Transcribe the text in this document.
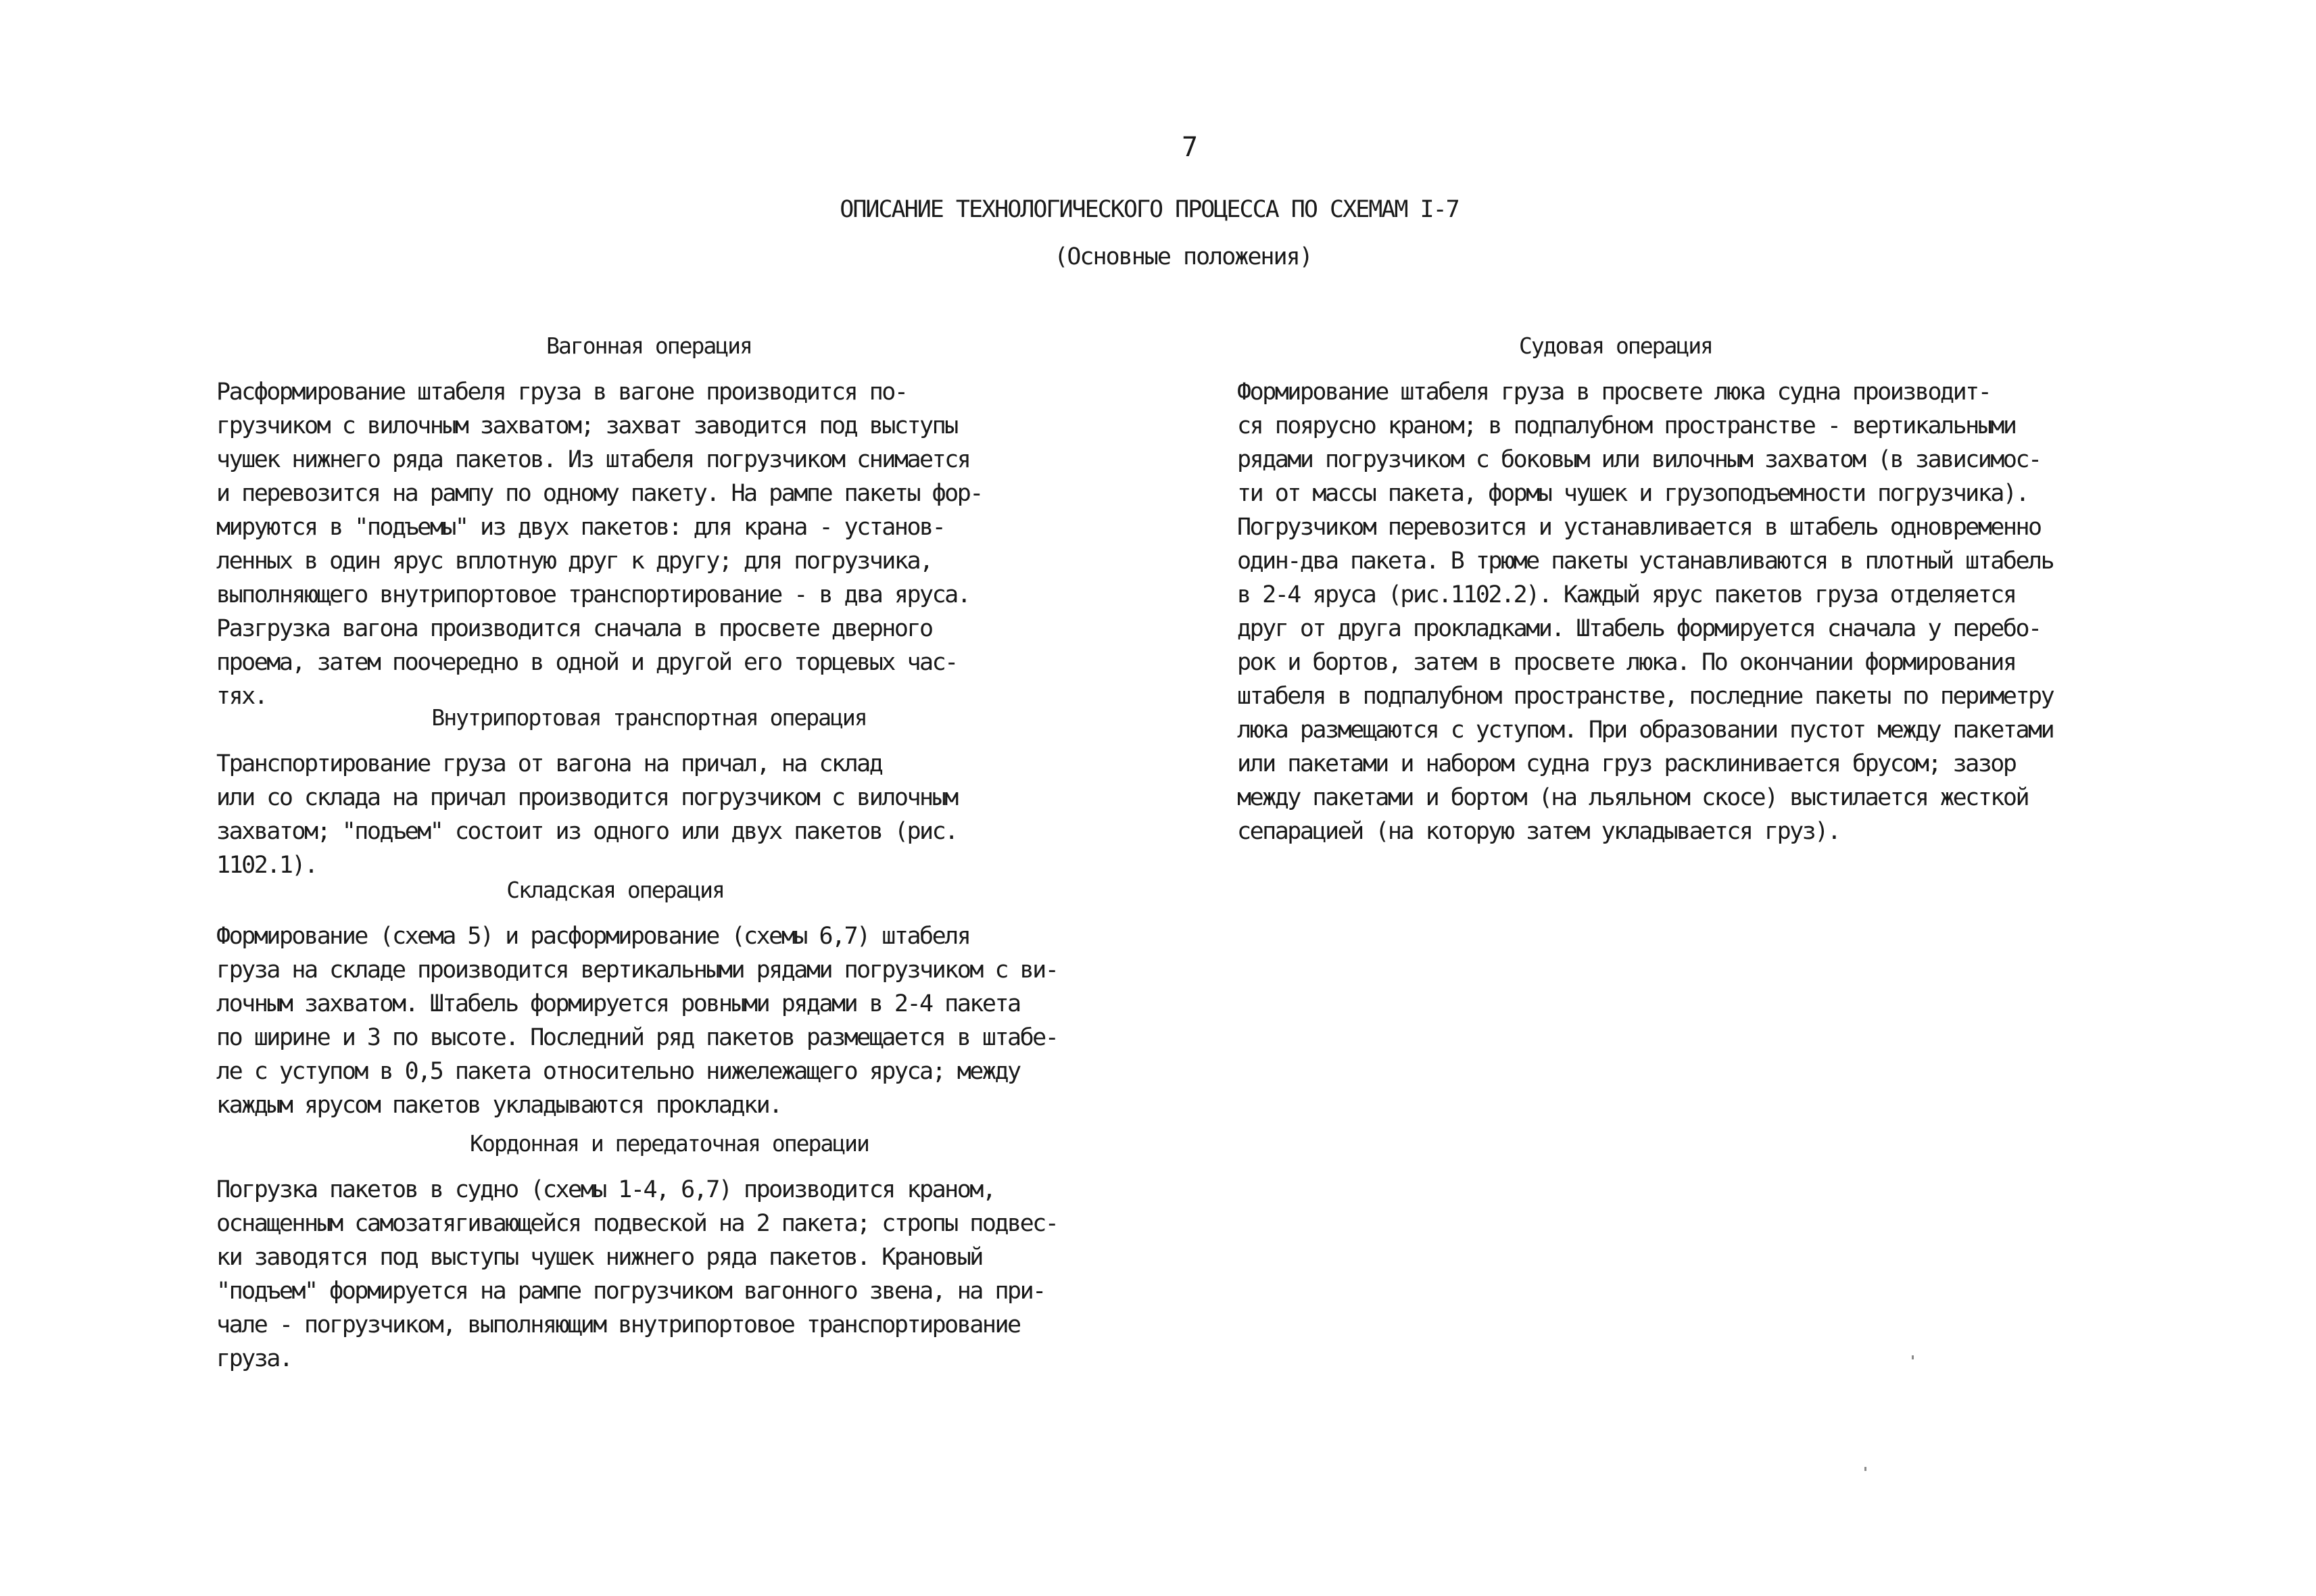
7
ОПИСАНИЕ ТЕХНОЛОГИЧЕСКОГО ПРОЦЕССА ПО СХЕМАМ I-7
(Основные положения)
Вагонная операция
Расформирование штабеля груза в вагоне производится по-
грузчиком с вилочным захватом; захват заводится под выступы
чушек нижнего ряда пакетов. Из штабеля погрузчиком снимается
и перевозится на рампу по одному пакету. На рампе пакеты фор-
мируются в "подъемы" из двух пакетов: для крана - установ-
ленных в один ярус вплотную друг к другу; для погрузчика,
выполняющего внутрипортовое транспортирование - в два яруса.
Разгрузка вагона производится сначала в просвете дверного
проема, затем поочередно в одной и другой его торцевых час-
тях.
Внутрипортовая транспортная операция
Транспортирование груза от вагона на причал, на склад
или со склада на причал производится погрузчиком с вилочным
захватом; "подъем" состоит из одного или двух пакетов (рис.
1102.1).
Складская операция
Формирование (схема 5) и расформирование (схемы 6,7) штабеля
груза на складе производится вертикальными рядами погрузчиком с ви-
лочным захватом. Штабель формируется ровными рядами в 2-4 пакета
по ширине и 3 по высоте. Последний ряд пакетов размещается в штабе-
ле с уступом в 0,5 пакета относительно нижележащего яруса; между
каждым ярусом пакетов укладываются прокладки.
Кордонная и передаточная операции
Погрузка пакетов в судно (схемы 1-4, 6,7) производится краном,
оснащенным самозатягивающейся подвеской на 2 пакета; стропы подвес-
ки заводятся под выступы чушек нижнего ряда пакетов. Крановый
"подъем" формируется на рампе погрузчиком вагонного звена, на при-
чале - погрузчиком, выполняющим внутрипортовое транспортирование
груза.
Судовая операция
Формирование штабеля груза в просвете люка судна производит-
ся поярусно краном; в подпалубном пространстве - вертикальными
рядами погрузчиком с боковым или вилочным захватом (в зависимос-
ти от массы пакета, формы чушек и грузоподъемности погрузчика).
Погрузчиком перевозится и устанавливается в штабель одновременно
один-два пакета. В трюме пакеты устанавливаются в плотный штабель
в 2-4 яруса (рис.1102.2). Каждый ярус пакетов груза отделяется
друг от друга прокладками. Штабель формируется сначала у перебо-
рок и бортов, затем в просвете люка. По окончании формирования
штабеля в подпалубном пространстве, последние пакеты по периметру
люка размещаются с уступом. При образовании пустот между пакетами
или пакетами и набором судна груз расклинивается брусом; зазор
между пакетами и бортом (на льяльном скосе) выстилается жесткой
сепарацией (на которую затем укладывается груз).
